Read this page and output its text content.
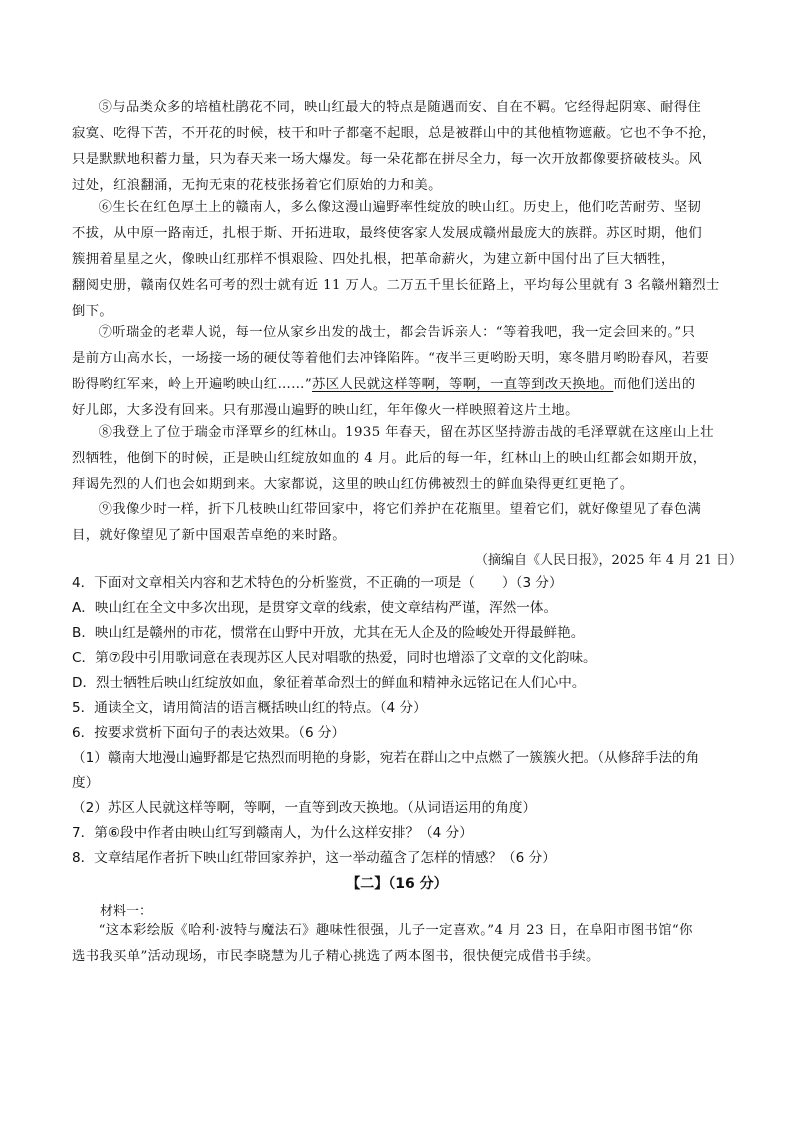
⑤与品类众多的培植杜鹃花不同，映山红最大的特点是随遇而安、自在不羁。它经得起阴寒、耐得住
寂寞、吃得下苦，不开花的时候，枝干和叶子都毫不起眼，总是被群山中的其他植物遮蔽。它也不争不抢，
只是默默地积蓄力量，只为春天来一场大爆发。每一朵花都在拼尽全力，每一次开放都像要挤破枝头。风
过处，红浪翻涌，无拘无束的花枝张扬着它们原始的力和美。
⑥生长在红色厚土上的赣南人，多么像这漫山遍野率性绽放的映山红。历史上，他们吃苦耐劳、坚韧
不拔，从中原一路南迁，扎根于斯、开拓进取，最终使客家人发展成赣州最庞大的族群。苏区时期，他们
簇拥着星星之火，像映山红那样不惧艰险、四处扎根，把革命薪火，为建立新中国付出了巨大牺牲，
翻阅史册，赣南仅姓名可考的烈士就有近 11 万人。二万五千里长征路上，平均每公里就有 3 名赣州籍烈士
倒下。
⑦听瑞金的老辈人说，每一位从家乡出发的战士，都会告诉亲人：“等着我吧，我一定会回来的。”只
是前方山高水长，一场接一场的硬仗等着他们去冲锋陷阵。“夜半三更哟盼天明，寒冬腊月哟盼春风，若要
盼得哟红军来，岭上开遍哟映山红……”苏区人民就这样等啊，等啊，一直等到改天换地。而他们送出的
好儿郎，大多没有回来。只有那漫山遍野的映山红，年年像火一样映照着这片土地。
⑧我登上了位于瑞金市泽覃乡的红林山。1935 年春天，留在苏区坚持游击战的毛泽覃就在这座山上壮
烈牺牲，他倒下的时候，正是映山红绽放如血的 4 月。此后的每一年，红林山上的映山红都会如期开放，
拜谒先烈的人们也会如期到来。大家都说，这里的映山红仿佛被烈士的鲜血染得更红更艳了。
⑨我像少时一样，折下几枝映山红带回家中，将它们养护在花瓶里。望着它们，就好像望见了春色满
目，就好像望见了新中国艰苦卓绝的来时路。
（摘编自《人民日报》，2025 年 4 月 21 日）
4．下面对文章相关内容和艺术特色的分析鉴赏，不正确的一项是（　　）（3 分）
A．映山红在全文中多次出现，是贯穿文章的线索，使文章结构严谨，浑然一体。
B．映山红是赣州的市花，惯常在山野中开放，尤其在无人企及的险峻处开得最鲜艳。
C．第⑦段中引用歌词意在表现苏区人民对唱歌的热爱，同时也增添了文章的文化韵味。
D．烈士牺牲后映山红绽放如血，象征着革命烈士的鲜血和精神永远铭记在人们心中。
5．通读全文，请用简洁的语言概括映山红的特点。（4 分）
6．按要求赏析下面句子的表达效果。（6 分）
（1）赣南大地漫山遍野都是它热烈而明艳的身影，宛若在群山之中点燃了一簇簇火把。（从修辞手法的角
度）
（2）苏区人民就这样等啊，等啊，一直等到改天换地。（从词语运用的角度）
7．第⑥段中作者由映山红写到赣南人，为什么这样安排？（4 分）
8．文章结尾作者折下映山红带回家养护，这一举动蕴含了怎样的情感？（6 分）
【二】（16 分）
材料一：
“这本彩绘版《哈利·波特与魔法石》趣味性很强，儿子一定喜欢。”4 月 23 日，在阜阳市图书馆“你
选书我买单”活动现场，市民李晓慧为儿子精心挑选了两本图书，很快便完成借书手续。
